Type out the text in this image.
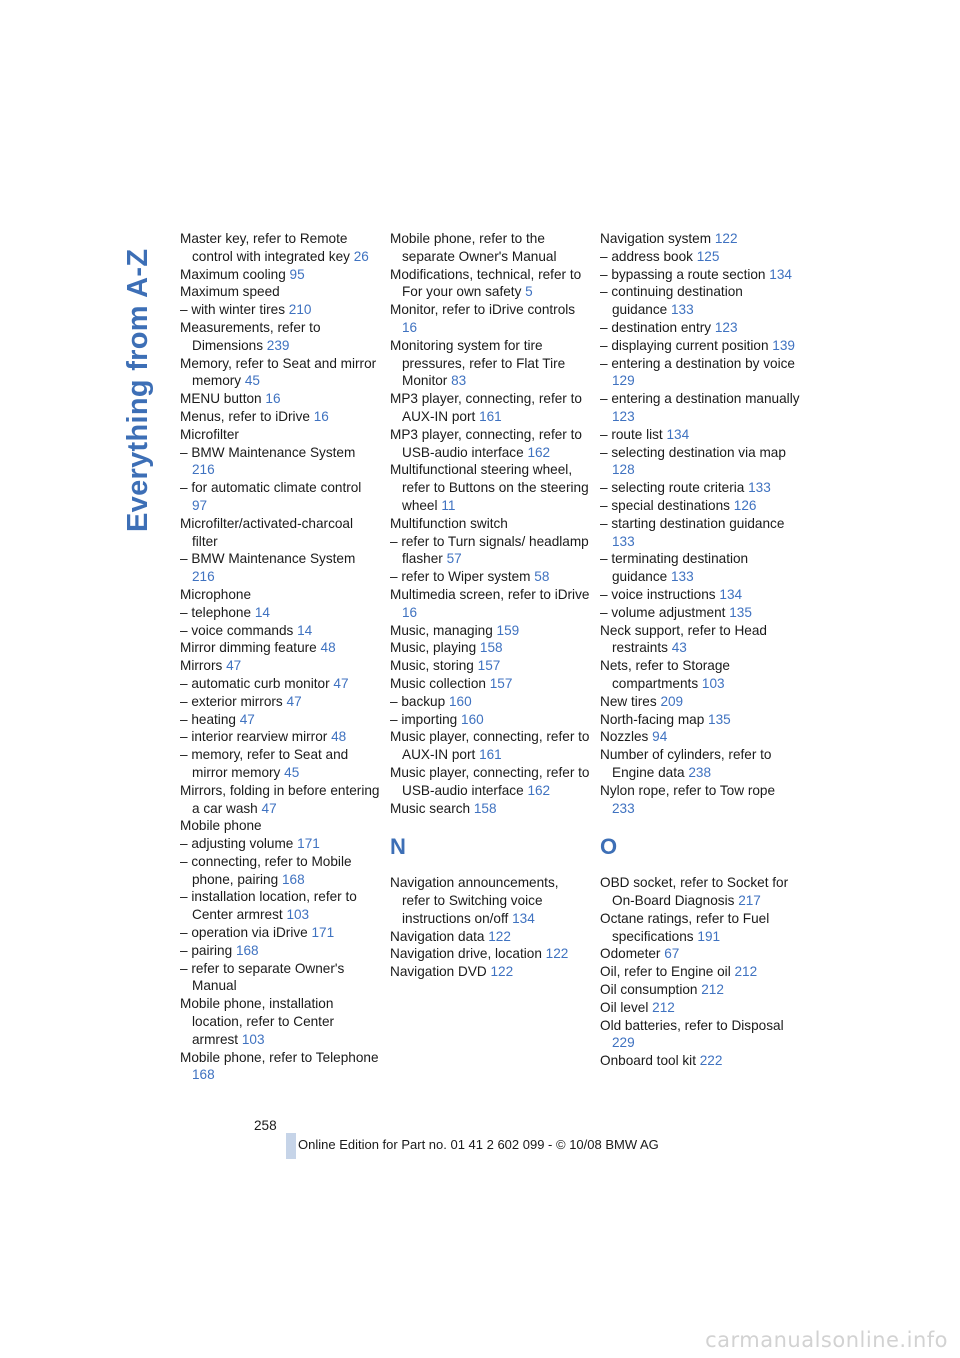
Everything from A-Z
Master key, refer to Remote control with integrated key 26
Maximum cooling 95
Maximum speed
– with winter tires 210
Measurements, refer to Dimensions 239
Memory, refer to Seat and mirror memory 45
MENU button 16
Menus, refer to iDrive 16
Microfilter
– BMW Maintenance System 216
– for automatic climate control 97
Microfilter/activated-charcoal filter
– BMW Maintenance System 216
Microphone
– telephone 14
– voice commands 14
Mirror dimming feature 48
Mirrors 47
– automatic curb monitor 47
– exterior mirrors 47
– heating 47
– interior rearview mirror 48
– memory, refer to Seat and mirror memory 45
Mirrors, folding in before entering a car wash 47
Mobile phone
– adjusting volume 171
– connecting, refer to Mobile phone, pairing 168
– installation location, refer to Center armrest 103
– operation via iDrive 171
– pairing 168
– refer to separate Owner's Manual
Mobile phone, installation location, refer to Center armrest 103
Mobile phone, refer to Telephone 168
Mobile phone, refer to the separate Owner's Manual
Modifications, technical, refer to For your own safety 5
Monitor, refer to iDrive controls 16
Monitoring system for tire pressures, refer to Flat Tire Monitor 83
MP3 player, connecting, refer to AUX-IN port 161
MP3 player, connecting, refer to USB-audio interface 162
Multifunctional steering wheel, refer to Buttons on the steering wheel 11
Multifunction switch
– refer to Turn signals/ headlamp flasher 57
– refer to Wiper system 58
Multimedia screen, refer to iDrive 16
Music, managing 159
Music, playing 158
Music, storing 157
Music collection 157
– backup 160
– importing 160
Music player, connecting, refer to AUX-IN port 161
Music player, connecting, refer to USB-audio interface 162
Music search 158
N
Navigation announcements, refer to Switching voice instructions on/off 134
Navigation data 122
Navigation drive, location 122
Navigation DVD 122
Navigation system 122
– address book 125
– bypassing a route section 134
– continuing destination guidance 133
– destination entry 123
– displaying current position 139
– entering a destination by voice 129
– entering a destination manually 123
– route list 134
– selecting destination via map 128
– selecting route criteria 133
– special destinations 126
– starting destination guidance 133
– terminating destination guidance 133
– voice instructions 134
– volume adjustment 135
Neck support, refer to Head restraints 43
Nets, refer to Storage compartments 103
New tires 209
North-facing map 135
Nozzles 94
Number of cylinders, refer to Engine data 238
Nylon rope, refer to Tow rope 233
O
OBD socket, refer to Socket for On-Board Diagnosis 217
Octane ratings, refer to Fuel specifications 191
Odometer 67
Oil, refer to Engine oil 212
Oil consumption 212
Oil level 212
Old batteries, refer to Disposal 229
Onboard tool kit 222
258
Online Edition for Part no. 01 41 2 602 099 - © 10/08 BMW AG
carmanualsonline.info
